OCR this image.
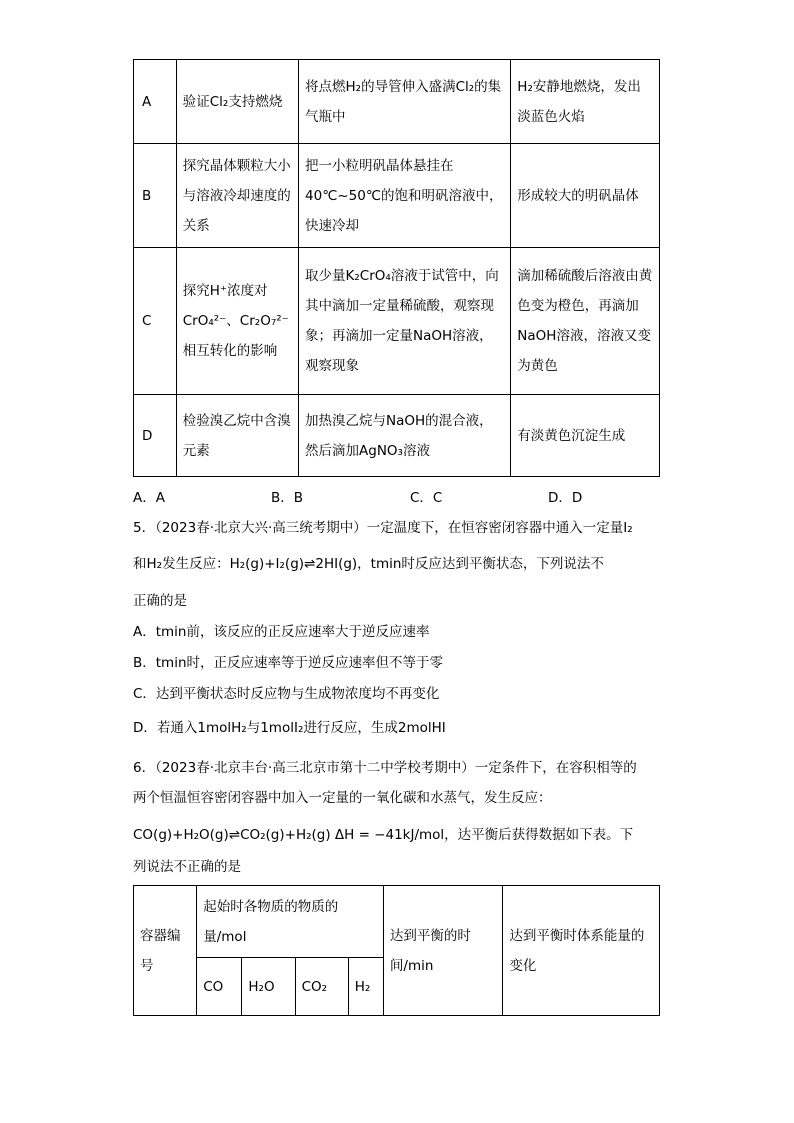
A	验证Cl₂支持燃烧	将点燃H₂的导管伸入盛满Cl₂的集气瓶中	H₂安静地燃烧，发出淡蓝色火焰
B	探究晶体颗粒大小与溶液冷却速度的关系	把一小粒明矾晶体悬挂在40℃~50℃的饱和明矾溶液中，快速冷却	形成较大的明矾晶体
C	探究H⁺浓度对CrO₄²⁻、Cr₂O₇²⁻相互转化的影响	取少量K₂CrO₄溶液于试管中，向其中滴加一定量稀硫酸，观察现象；再滴加一定量NaOH溶液，观察现象	滴加稀硫酸后溶液由黄色变为橙色，再滴加NaOH溶液，溶液又变为黄色
D	检验溴乙烷中含溴元素	加热溴乙烷与NaOH的混合液，然后滴加AgNO₃溶液	有淡黄色沉淀生成
A．A	B．B	C．C	D．D
5．（2023春·北京大兴·高三统考期中）一定温度下，在恒容密闭容器中通入一定量I₂
和H₂发生反应：H₂(g)+I₂(g)⇌2HI(g)，tmin时反应达到平衡状态，下列说法不
正确的是
A．tmin前，该反应的正反应速率大于逆反应速率
B．tmin时，正反应速率等于逆反应速率但不等于零
C．达到平衡状态时反应物与生成物浓度均不再变化
D．若通入1molH₂与1molI₂进行反应，生成2molHI
6．（2023春·北京丰台·高三北京市第十二中学校考期中）一定条件下，在容积相等的
两个恒温恒容密闭容器中加入一定量的一氧化碳和水蒸气，发生反应：
CO(g)+H₂O(g)⇌CO₂(g)+H₂(g) ΔH = −41kJ/mol，达平衡后获得数据如下表。下
列说法不正确的是
容器编号	起始时各物质的物质的量/mol				达到平衡的时间/min	达到平衡时体系能量的变化
	CO	H₂O	CO₂	H₂		
